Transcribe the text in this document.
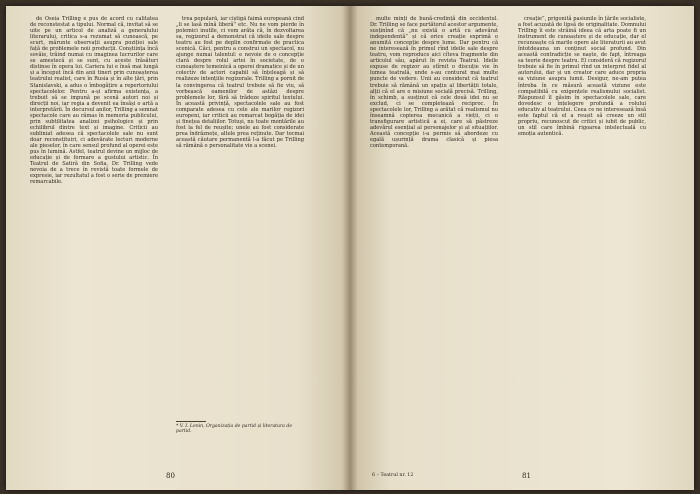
de Oseia Trilling e pus de acord cu calitatea de reconstestat a tipului. Normal că, invitat să se uite pe un articol de analiză a generalului literarului, critica s-a rezumat să cunoască, pe scurt, mărunte observații asupra poziției sale față de problemele noii producții. Conștiința încă sovăie, trăind numai cu imaginea lucrurilor care se amestecă și se sunt, cu aceste trăsături distinse în opera lui. Cariera lui e însă mai lungă și a început încă din anii tineri prin cunoașterea teatrului realist, care în Rusia și în alte țări, prin Stanislavski, a adus o îmbogățire a repertoriului spectacolelor. Pentru a-și afirma existența, a trebuit să se impună pe scenă autori noi și direcții noi, iar regia a devenit ea însăși o artă a interpretării. În decursul anilor, Trilling a semnat spectacole care au rămas în memoria publicului, prin subtilitatea analizei psihologice și prin echilibrul dintre text și imagine. Criticii au subliniat adesea că spectacolele sale nu sunt doar reconstituiri, ci adevărate lecturi moderne ale pieselor, în care sensul profund al operei este pus în lumină. Astfel, teatrul devine un mijloc de educație și de formare a gustului artistic. În Teatrul de Satiră din Sofia, Dr. Trilling vede nevoia de a trece în revistă toate formele de expresie, iar rezultatul a fost o serie de premiere remarcabile.

trea populară, iar cîștigă faimă europeană cînd „li se lasă mînă liberă” etc. Nu ne vom pierde în polemici inutile, ci vom arăta că, în dezvoltarea sa, regizorul a demonstrat că ideile sale despre teatru au fost pe deplin confirmate de practica scenică. Căci, pentru a construi un spectacol, nu ajunge numai talentul: e nevoie de o concepție clară despre rolul artei în societate, de o cunoaștere temeinică a operei dramatice și de un colectiv de actori capabil să înțeleagă și să realizeze intențiile regizorale. Trilling a pornit de la convingerea că teatrul trebuie să fie viu, să vorbească oamenilor de astăzi despre problemele lor, fără să trădeze spiritul textului. În această privință, spectacolele sale au fost comparate adesea cu cele ale marilor regizori europeni, iar criticii au remarcat bogăția de idei și finețea detaliilor. Totuși, nu toate montările au fost la fel de reușite; unele au fost considerate prea îndrăznețe, altele prea reținute. Dar tocmai această căutare permanentă l-a făcut pe Trilling să rămână o personalitate vie a scenei.

* V. I. Lenin, Organizația de partid și literatura de partid.
80

multe minți de bună-credință din occidentul. Dr. Trilling se face purtătorul acestor argumente, susținînd că „nu există o artă cu adevărat independentă” și că orice creație exprimă o anumită concepție despre lume. Dar pentru că ne interesează în primul rînd ideile sale despre teatru, vom reproduce aici cîteva fragmente din articolul său, apărut în revista Teatrul. Ideile expuse de regizor au stîrnit o discuție vie în lumea teatrală, unde s-au conturat mai multe puncte de vedere. Unii au considerat că teatrul trebuie să rămână un spațiu al libertății totale, alții că el are o misiune socială precisă. Trilling, în schimb, a susținut că cele două idei nu se exclud, ci se completează reciproc. În spectacolele lor, Trilling a arătat că realismul nu înseamnă copierea mecanică a vieții, ci o transfigurare artistică a ei, care să păstreze adevărul esențial al personajelor și al situațiilor. Această concepție i-a permis să abordeze cu egală ușurință drama clasică și piesa contemporană.

creație”, prigonită pasiunile în țările socialiste, a fost acuzată de lipsă de originalitate. Domnului Trilling îi este străină ideea că arta poate fi un instrument de cunoaștere și de educație, dar el recunoaște că marile opere ale literaturii au avut întotdeauna un conținut social profund. Din această contradicție se naște, de fapt, întreaga sa teorie despre teatru. El consideră că regizorul trebuie să fie în primul rînd un interpret fidel al autorului, dar și un creator care aduce propria sa viziune asupra lumii. Desigur, ne-am putea întreba în ce măsură această viziune este compatibilă cu exigențele realismului socialist. Răspunsul îl găsim în spectacolele sale, care dovedesc o înțelegere profundă a rolului educativ al teatrului. Ceea ce ne interesează însă este faptul că el a reușit să creeze un stil propriu, recunoscut de critici și iubit de public, un stil care îmbină rigoarea intelectuală cu emoția autentică.

6 – Teatrul nr. 12	81
